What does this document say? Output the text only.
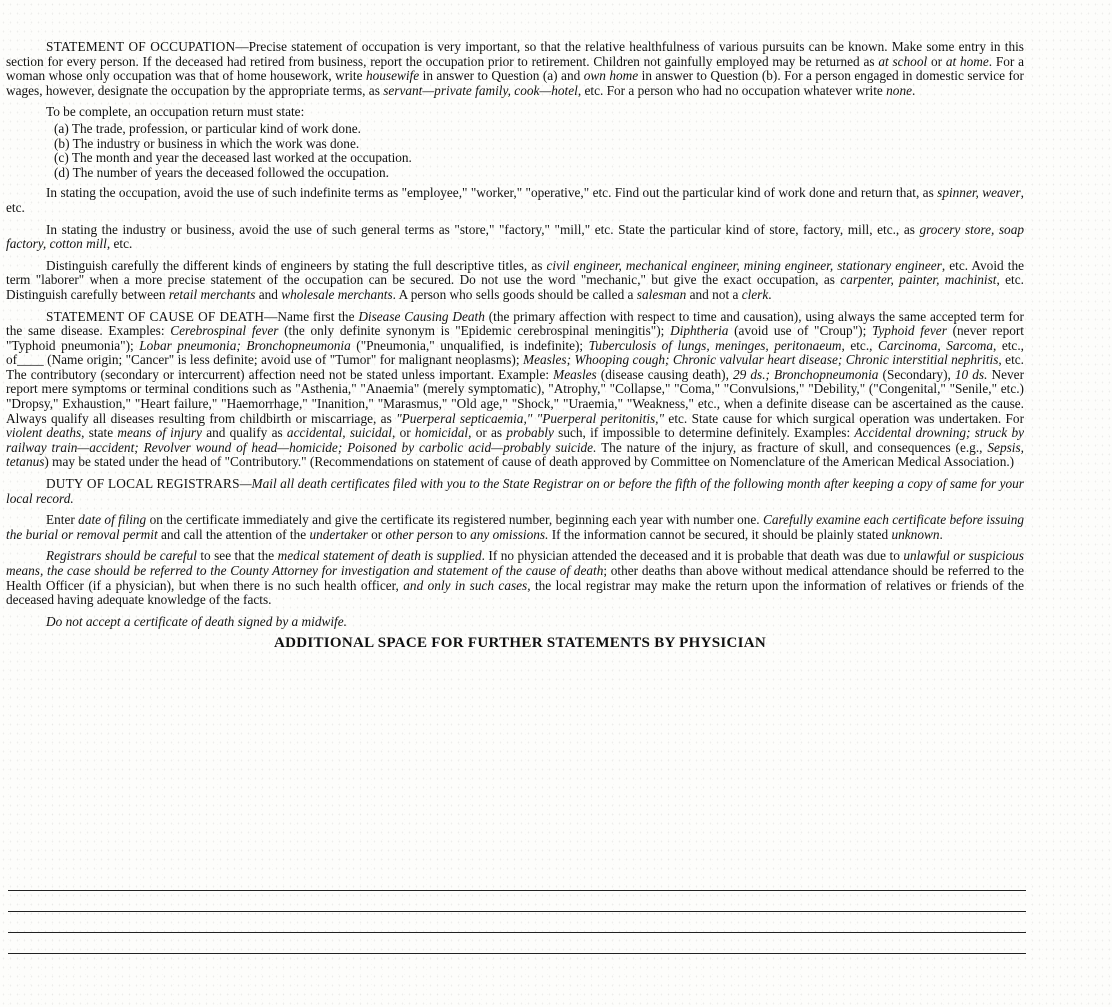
STATEMENT OF OCCUPATION—Precise statement of occupation is very important, so that the relative healthfulness of various pursuits can be known. Make some entry in this section for every person. If the deceased had retired from business, report the occupation prior to retirement. Children not gainfully employed may be returned as at school or at home. For a woman whose only occupation was that of home housework, write housewife in answer to Question (a) and own home in answer to Question (b). For a person engaged in domestic service for wages, however, designate the occupation by the appropriate terms, as servant—private family, cook—hotel, etc. For a person who had no occupation whatever write none.

To be complete, an occupation return must state:

(a) The trade, profession, or particular kind of work done.
(b) The industry or business in which the work was done.
(c) The month and year the deceased last worked at the occupation.
(d) The number of years the deceased followed the occupation.

In stating the occupation, avoid the use of such indefinite terms as "employee," "worker," "operative," etc. Find out the particular kind of work done and return that, as spinner, weaver, etc.

In stating the industry or business, avoid the use of such general terms as "store," "factory," "mill," etc. State the particular kind of store, factory, mill, etc., as grocery store, soap factory, cotton mill, etc.

Distinguish carefully the different kinds of engineers by stating the full descriptive titles, as civil engineer, mechanical engineer, mining engineer, stationary engineer, etc. Avoid the term "laborer" when a more precise statement of the occupation can be secured. Do not use the word "mechanic," but give the exact occupation, as carpenter, painter, machinist, etc. Distinguish carefully between retail merchants and wholesale merchants. A person who sells goods should be called a salesman and not a clerk.

STATEMENT OF CAUSE OF DEATH—Name first the Disease Causing Death (the primary affection with respect to time and causation), using always the same accepted term for the same disease. Examples: Cerebrospinal fever (the only definite synonym is "Epidemic cerebrospinal meningitis"); Diphtheria (avoid use of "Croup"); Typhoid fever (never report "Typhoid pneumonia"); Lobar pneumonia; Bronchopneumonia ("Pneumonia," unqualified, is indefinite); Tuberculosis of lungs, meninges, peritonaeum, etc., Carcinoma, Sarcoma, etc., of____ (Name origin; "Cancer" is less definite; avoid use of "Tumor" for malignant neoplasms); Measles; Whooping cough; Chronic valvular heart disease; Chronic interstitial nephritis, etc. The contributory (secondary or intercurrent) affection need not be stated unless important. Example: Measles (disease causing death), 29 ds.; Bronchopneumonia (Secondary), 10 ds. Never report mere symptoms or terminal conditions such as "Asthenia," "Anaemia" (merely symptomatic), "Atrophy," "Collapse," "Coma," "Convulsions," "Debility," ("Congenital," "Senile," etc.) "Dropsy," Exhaustion," "Heart failure," "Haemorrhage," "Inanition," "Marasmus," "Old age," "Shock," "Uraemia," "Weakness," etc., when a definite disease can be ascertained as the cause. Always qualify all diseases resulting from childbirth or miscarriage, as "Puerperal septicaemia," "Puerperal peritonitis," etc. State cause for which surgical operation was undertaken. For violent deaths, state means of injury and qualify as accidental, suicidal, or homicidal, or as probably such, if impossible to determine definitely. Examples: Accidental drowning; struck by railway train—accident; Revolver wound of head—homicide; Poisoned by carbolic acid—probably suicide. The nature of the injury, as fracture of skull, and consequences (e.g., Sepsis, tetanus) may be stated under the head of "Contributory." (Recommendations on statement of cause of death approved by Committee on Nomenclature of the American Medical Association.)

DUTY OF LOCAL REGISTRARS—Mail all death certificates filed with you to the State Registrar on or before the fifth of the following month after keeping a copy of same for your local record.

Enter date of filing on the certificate immediately and give the certificate its registered number, beginning each year with number one. Carefully examine each certificate before issuing the burial or removal permit and call the attention of the undertaker or other person to any omissions. If the information cannot be secured, it should be plainly stated unknown.

Registrars should be careful to see that the medical statement of death is supplied. If no physician attended the deceased and it is probable that death was due to unlawful or suspicious means, the case should be referred to the County Attorney for investigation and statement of the cause of death; other deaths than above without medical attendance should be referred to the Health Officer (if a physician), but when there is no such health officer, and only in such cases, the local registrar may make the return upon the information of relatives or friends of the deceased having adequate knowledge of the facts.

Do not accept a certificate of death signed by a midwife.

ADDITIONAL SPACE FOR FURTHER STATEMENTS BY PHYSICIAN
